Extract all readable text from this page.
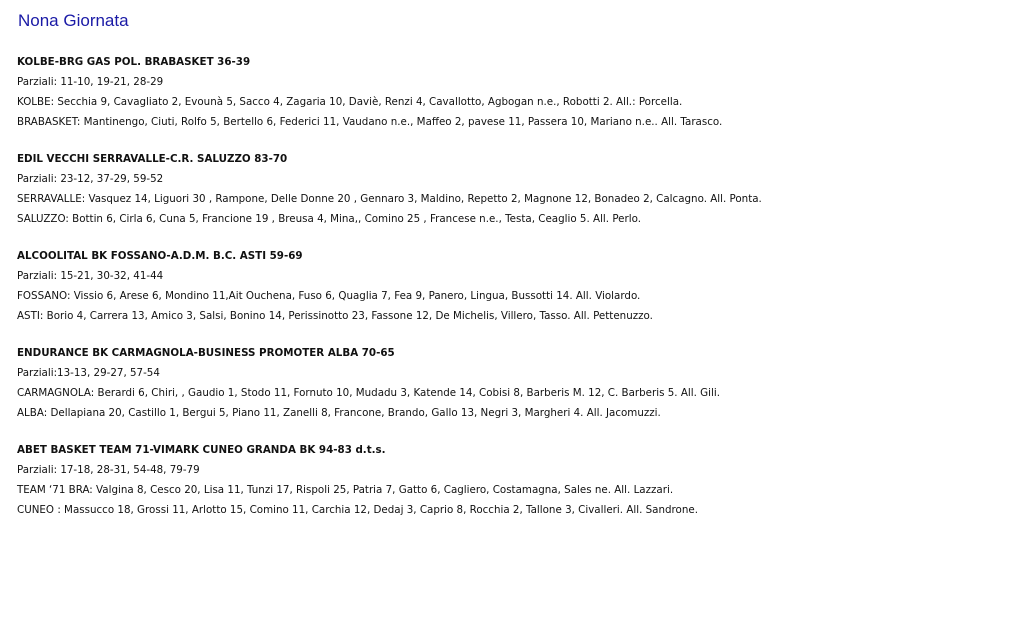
Nona Giornata
KOLBE-BRG GAS POL. BRABASKET 36-39
Parziali: 11-10, 19-21, 28-29
KOLBE: Secchia 9, Cavagliato 2, Evounà 5, Sacco 4, Zagaria 10, Daviè, Renzi 4, Cavallotto, Agbogan n.e., Robotti 2. All.: Porcella.
BRABASKET: Mantinengo, Ciuti, Rolfo 5, Bertello 6, Federici 11, Vaudano n.e., Maffeo 2, pavese 11, Passera 10, Mariano n.e.. All. Tarasco.
EDIL VECCHI SERRAVALLE-C.R. SALUZZO 83-70
Parziali: 23-12, 37-29, 59-52
SERRAVALLE: Vasquez 14, Liguori 30 , Rampone, Delle Donne 20 , Gennaro 3, Maldino, Repetto 2, Magnone 12, Bonadeo 2, Calcagno. All. Ponta.
SALUZZO: Bottin 6, Cirla 6, Cuna 5, Francione 19 , Breusa 4, Mina,, Comino 25 , Francese n.e., Testa, Ceaglio 5. All. Perlo.
ALCOOLITAL BK FOSSANO-A.D.M. B.C. ASTI 59-69
Parziali: 15-21, 30-32, 41-44
FOSSANO: Vissio 6, Arese 6, Mondino 11,Ait Ouchena, Fuso 6, Quaglia 7, Fea 9, Panero, Lingua, Bussotti 14. All. Violardo.
ASTI: Borio 4, Carrera 13, Amico 3, Salsi, Bonino 14, Perissinotto 23, Fassone 12, De Michelis, Villero, Tasso. All. Pettenuzzo.
ENDURANCE BK CARMAGNOLA-BUSINESS PROMOTER ALBA 70-65
Parziali:13-13, 29-27, 57-54
CARMAGNOLA: Berardi 6, Chiri, , Gaudio 1, Stodo 11, Fornuto 10, Mudadu 3, Katende 14, Cobisi 8, Barberis M. 12, C. Barberis 5. All. Gili.
ALBA: Dellapiana 20, Castillo 1, Bergui 5, Piano 11, Zanelli 8, Francone, Brando, Gallo 13, Negri 3, Margheri 4. All. Jacomuzzi.
ABET BASKET TEAM 71-VIMARK CUNEO GRANDA BK 94-83 d.t.s.
Parziali: 17-18, 28-31, 54-48, 79-79
TEAM ‘71 BRA: Valgina 8, Cesco 20, Lisa 11, Tunzi 17, Rispoli 25, Patria 7, Gatto 6, Cagliero, Costamagna, Sales ne. All. Lazzari.
CUNEO : Massucco 18, Grossi 11, Arlotto 15, Comino 11, Carchia 12, Dedaj 3, Caprio 8, Rocchia 2, Tallone 3, Civalleri. All. Sandrone.
